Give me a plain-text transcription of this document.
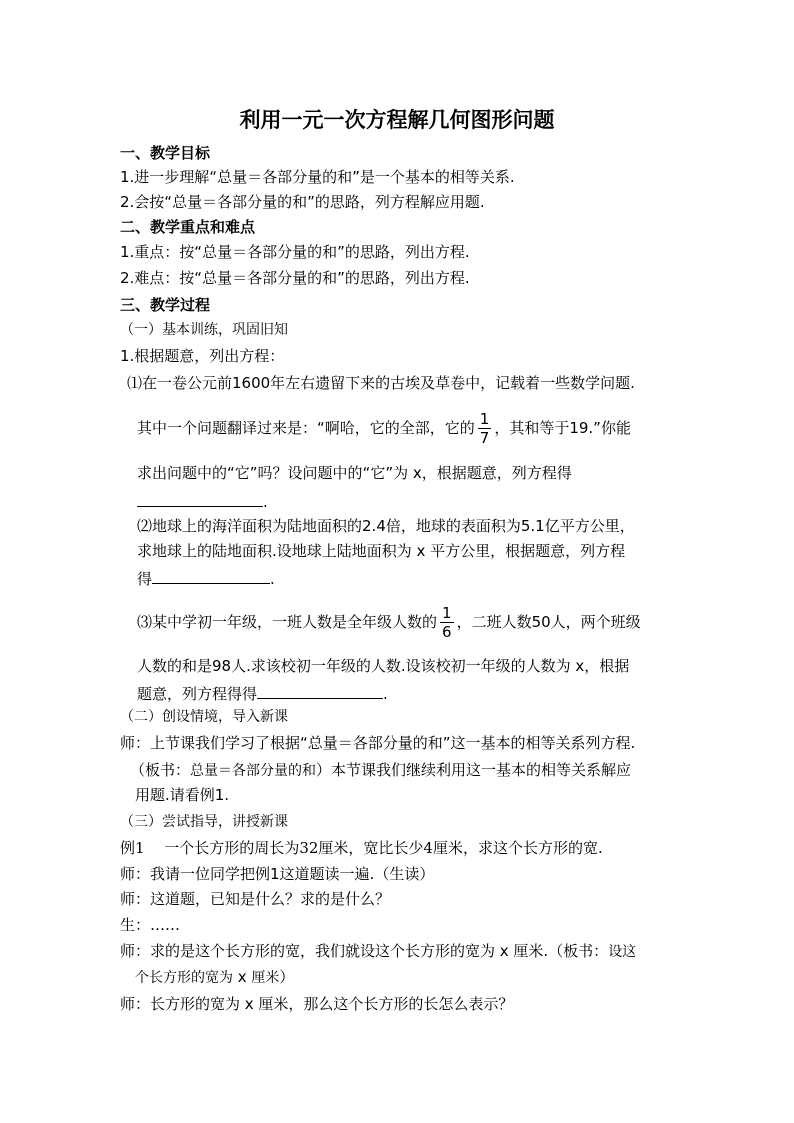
利用一元一次方程解几何图形问题
一、教学目标
1.进一步理解“总量＝各部分量的和”是一个基本的相等关系.
2.会按“总量＝各部分量的和”的思路，列方程解应用题.
二、教学重点和难点
1.重点：按“总量＝各部分量的和”的思路，列出方程.
2.难点：按“总量＝各部分量的和”的思路，列出方程.
三、教学过程
（一）基本训练，巩固旧知
1.根据题意，列出方程：
⑴在一卷公元前1600年左右遗留下来的古埃及草卷中，记载着一些数学问题.
其中一个问题翻译过来是：“啊哈，它的全部，它的 $\frac{1}{7}$ ，其和等于19.”你能
求出问题中的“它”吗？设问题中的“它”为 x，根据题意，列方程得
.
⑵地球上的海洋面积为陆地面积的2.4倍，地球的表面积为5.1亿平方公里，
求地球上的陆地面积.设地球上陆地面积为 x 平方公里，根据题意，列方程
得	.
⑶某中学初一年级，一班人数是全年级人数的 $\frac{1}{6}$ ，二班人数50人，两个班级
人数的和是98人.求该校初一年级的人数.设该校初一年级的人数为 x，根据
题意，列方程得得	.
（二）创设情境，导入新课
师：上节课我们学习了根据“总量＝各部分量的和”这一基本的相等关系列方程.
（板书：总量＝各部分量的和）本节课我们继续利用这一基本的相等关系解应
用题.请看例1.
（三）尝试指导，讲授新课
例1　 一个长方形的周长为32厘米，宽比长少4厘米，求这个长方形的宽.
师：我请一位同学把例1这道题读一遍.（生读）
师：这道题，已知是什么？求的是什么？
生：……
师：求的是这个长方形的宽，我们就设这个长方形的宽为 x 厘米.（板书：设这
个长方形的宽为 x 厘米）
师：长方形的宽为 x 厘米，那么这个长方形的长怎么表示？
